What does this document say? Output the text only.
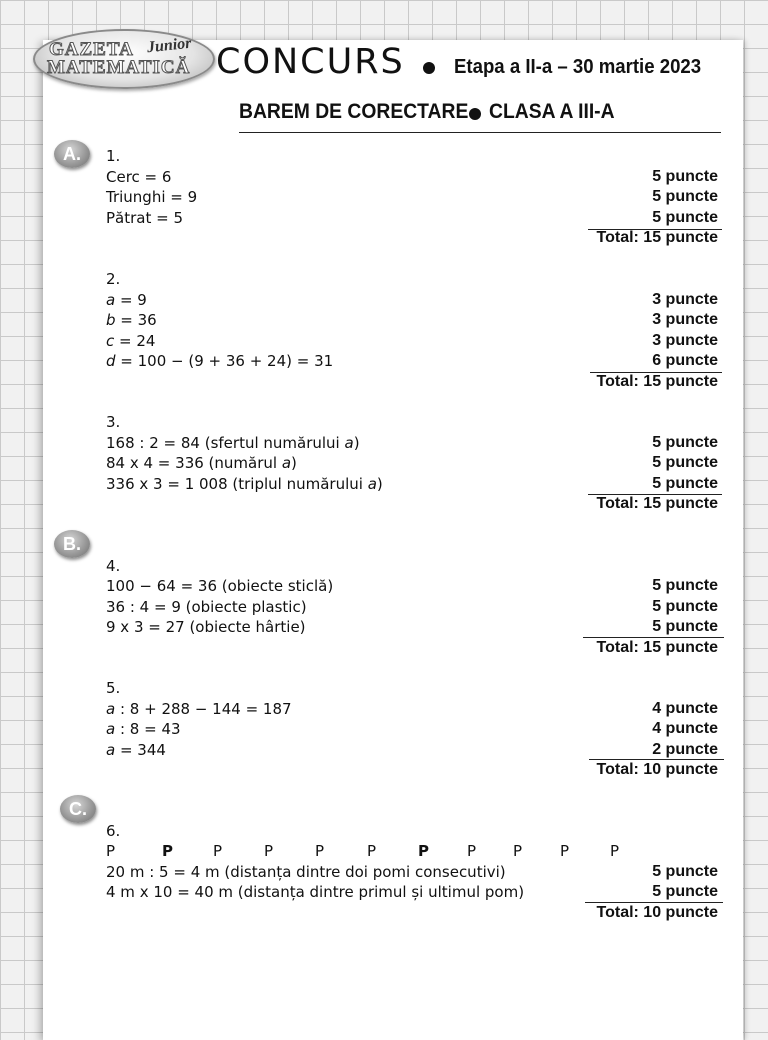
GAZETA Junior
MATEMATICĂ CONCURS Etapa a II-a – 30 martie 2023
BAREM DE CORECTARE CLASA A III-A
A.	1.
Cerc = 6	5 puncte
Triunghi = 9	5 puncte
Pătrat = 5	5 puncte
Total: 15 puncte
2.
a = 9	3 puncte
b = 36	3 puncte
c = 24	3 puncte
d = 100 − (9 + 36 + 24) = 31	6 puncte
Total: 15 puncte
3.
168 : 2 = 84 (sfertul numărului a)	5 puncte
84 x 4 = 336 (numărul a)	5 puncte
336 x 3 = 1 008 (triplul numărului a)	5 puncte
Total: 15 puncte
B.
4.
100 − 64 = 36 (obiecte sticlă)	5 puncte
36 : 4 = 9 (obiecte plastic)	5 puncte
9 x 3 = 27 (obiecte hârtie)	5 puncte
Total: 15 puncte
5.
a : 8 + 288 − 144 = 187	4 puncte
a : 8 = 43	4 puncte
a = 344	2 puncte
Total: 10 puncte
C.
6.
P	P	P	P	P	P	P	P P	P	P
20 m : 5 = 4 m (distanța dintre doi pomi consecutivi)	5 puncte
4 m x 10 = 40 m (distanța dintre primul și ultimul pom)	5 puncte
Total: 10 puncte
